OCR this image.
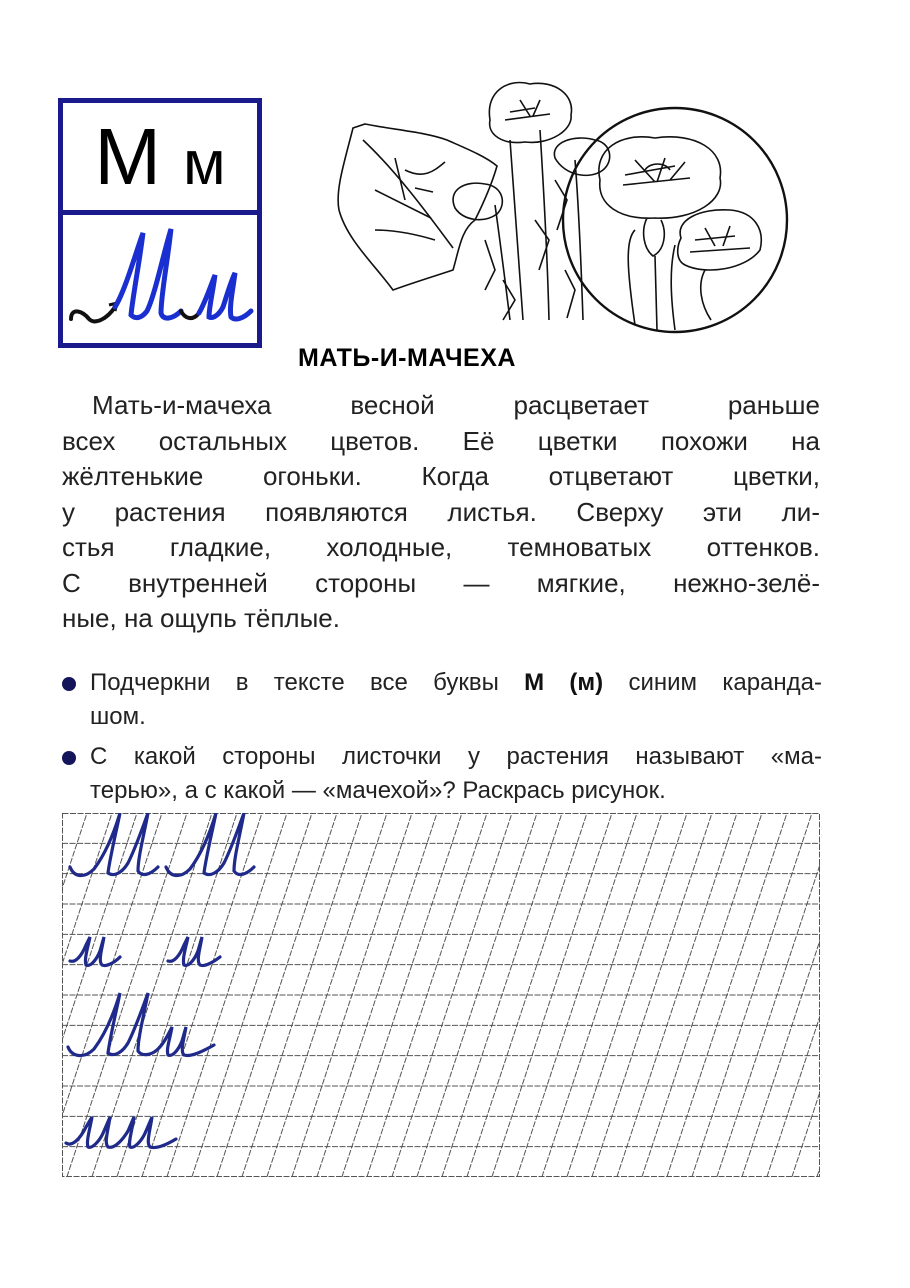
М м
МАТЬ-И-МАЧЕХА
Мать-и-мачеха весной расцветает раньше
всех остальных цветов. Её цветки похожи на
жёлтенькие огоньки. Когда отцветают цветки,
у растения появляются листья. Сверху эти ли-
стья гладкие, холодные, темноватых оттенков.
С внутренней стороны — мягкие, нежно-зелё-
ные, на ощупь тёплые.
Подчеркни в тексте все буквы М (м) синим каранда-
шом.
С какой стороны листочки у растения называют «ма-
терью», а с какой — «мачехой»? Раскрась рисунок.
